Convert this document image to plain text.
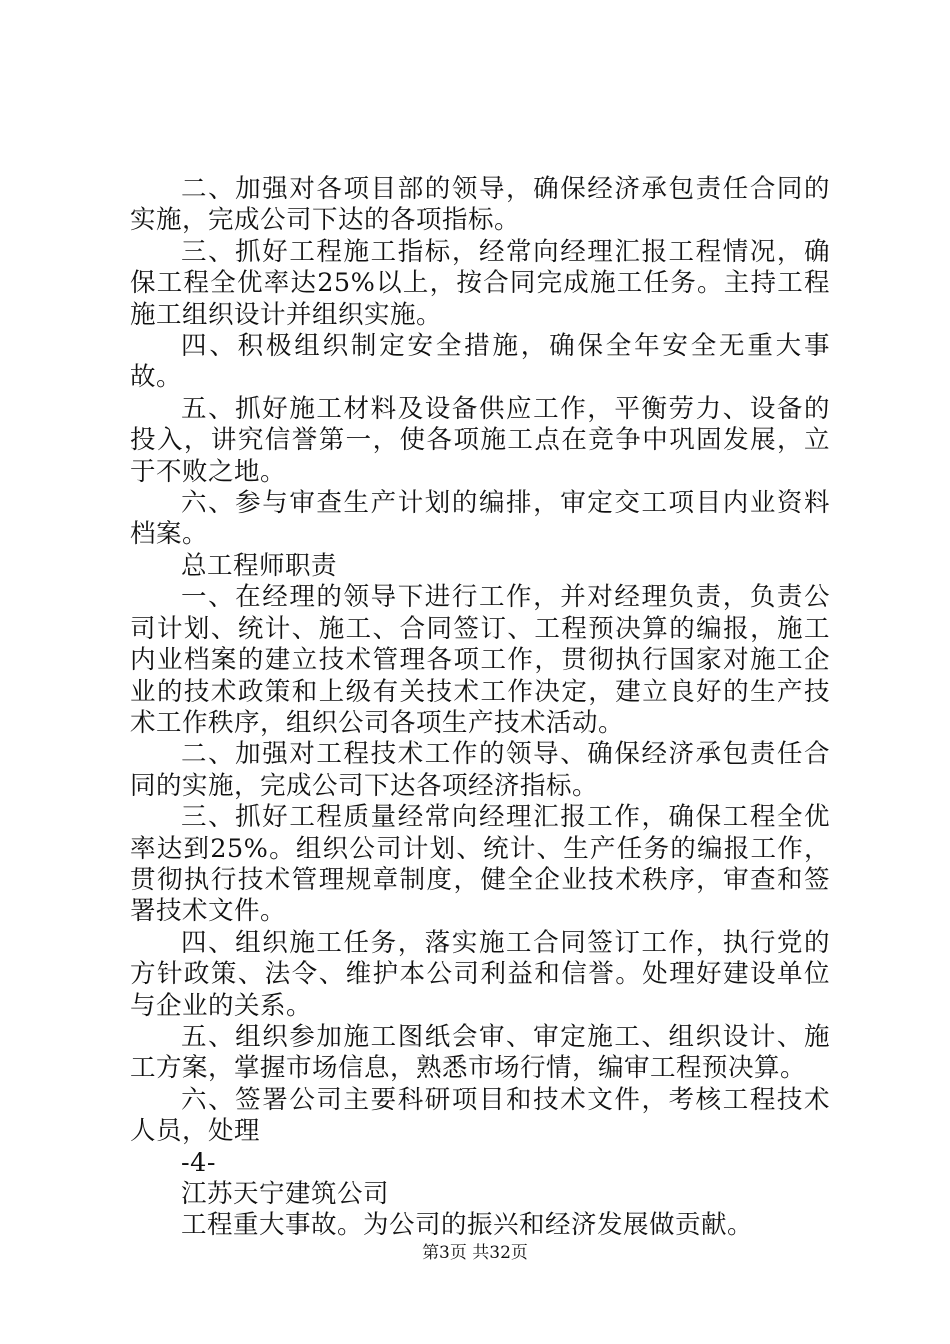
二、加强对各项目部的领导，确保经济承包责任合同的实施，完成公司下达的各项指标。

三、抓好工程施工指标，经常向经理汇报工程情况，确保工程全优率达25%以上，按合同完成施工任务。主持工程施工组织设计并组织实施。

四、积极组织制定安全措施，确保全年安全无重大事故。

五、抓好施工材料及设备供应工作，平衡劳力、设备的投入，讲究信誉第一，使各项施工点在竞争中巩固发展，立于不败之地。

六、参与审查生产计划的编排，审定交工项目内业资料档案。

总工程师职责

一、在经理的领导下进行工作，并对经理负责，负责公司计划、统计、施工、合同签订、工程预决算的编报，施工内业档案的建立技术管理各项工作，贯彻执行国家对施工企业的技术政策和上级有关技术工作决定，建立良好的生产技术工作秩序，组织公司各项生产技术活动。

二、加强对工程技术工作的领导、确保经济承包责任合同的实施，完成公司下达各项经济指标。

三、抓好工程质量经常向经理汇报工作，确保工程全优率达到25%。组织公司计划、统计、生产任务的编报工作，贯彻执行技术管理规章制度，健全企业技术秩序，审查和签署技术文件。

四、组织施工任务，落实施工合同签订工作，执行党的方针政策、法令、维护本公司利益和信誉。处理好建设单位与企业的关系。

五、组织参加施工图纸会审、审定施工、组织设计、施工方案，掌握市场信息，熟悉市场行情，编审工程预决算。

六、签署公司主要科研项目和技术文件，考核工程技术人员，处理

-4-

江苏天宁建筑公司

工程重大事故。为公司的振兴和经济发展做贡献。

第3页 共32页
